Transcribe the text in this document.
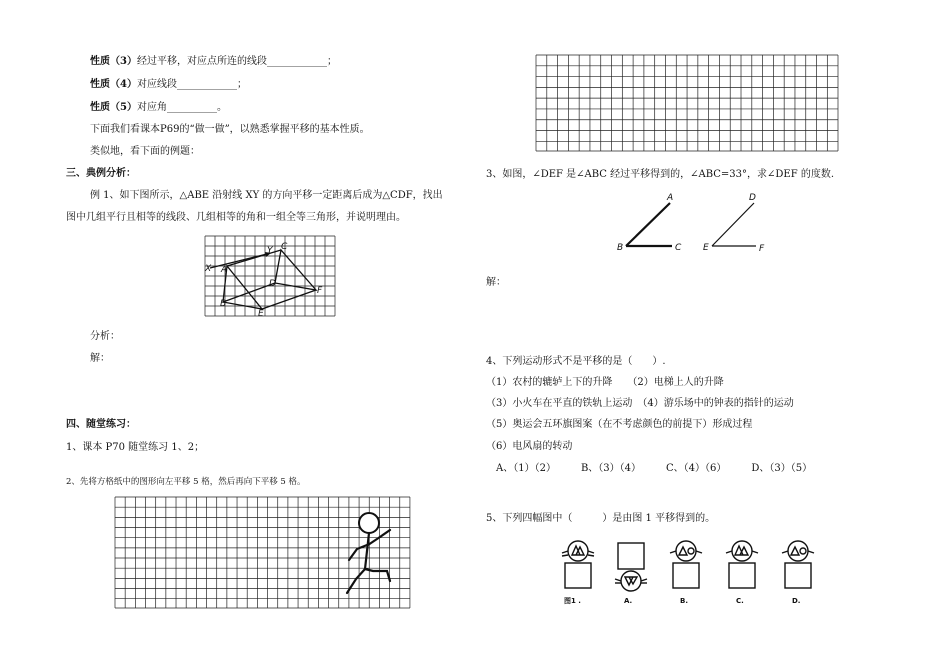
性质（3）经过平移，对应点所连的线段____________；
性质（4）对应线段____________；
性质（5）对应角__________。
下面我们看课本P69的“做一做”，以熟悉掌握平移的基本性质。
类似地，看下面的例题：
三、典例分析：
例 1、如下图所示，△ABE 沿射线 XY 的方向平移一定距离后成为△CDF，找出
图中几组平行且相等的线段、几组相等的角和一组全等三角形，并说明理由。
X
Y
A
B
C
D
E
F
分析：
解：
四、随堂练习：
1、课本 P70 随堂练习 1、2；
2、先将方格纸中的图形向左平移 5 格，然后再向下平移 5 格。
3、如图，∠DEF 是∠ABC 经过平移得到的，∠ABC=33°，求∠DEF 的度数.
A
B	C
D
E	F
解：
4、下列运动形式不是平移的是（　　）.
（1）农村的辘轳上下的升降　　（2）电梯上人的升降
（3）小火车在平直的铁轨上运动　（4）游乐场中的钟表的指针的运动
（5）奥运会五环旗图案（在不考虑颜色的前提下）形成过程
（6）电风扇的转动
A、（1）（2）　　　B、（3）（4）　　　C、（4）（6）　　　D、（3）（5）
5、下列四幅图中（　　　）是由图 1 平移得到的。
图1 .	A.	B.	C.	D.
